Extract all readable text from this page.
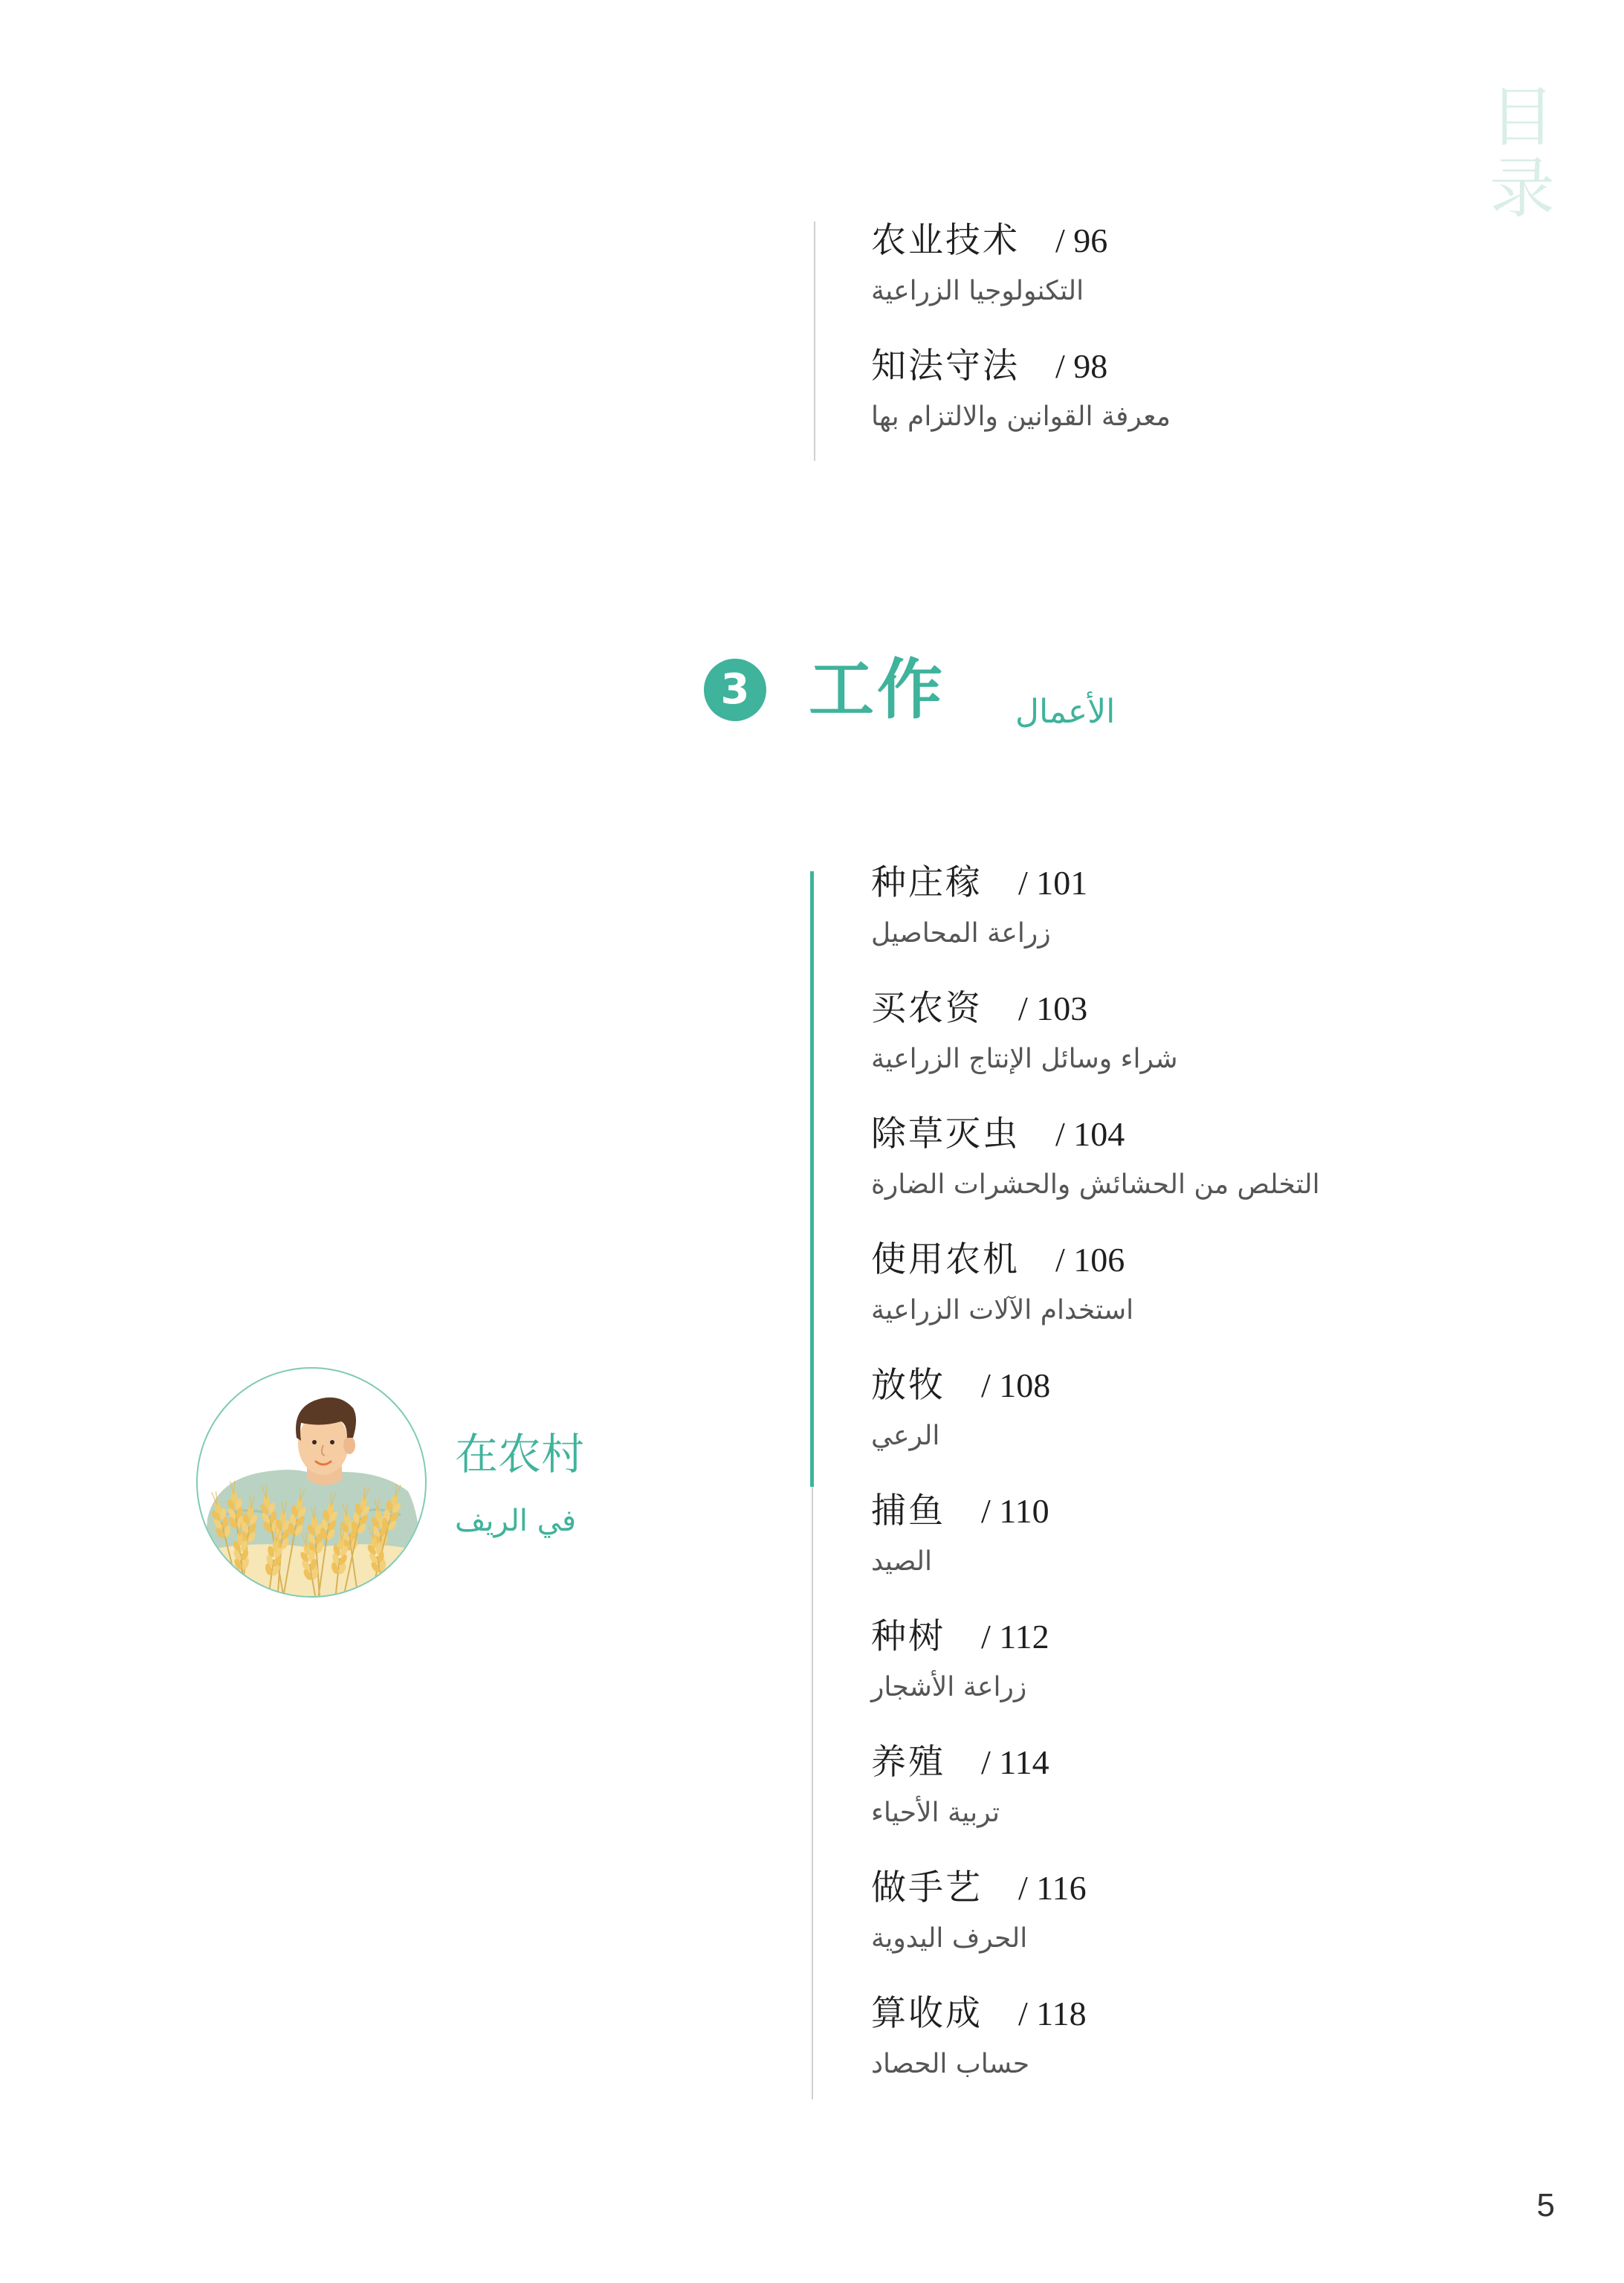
目录
农业技术 / 96
التكنولوجيا الزراعية
知法守法 / 98
معرفة القوانين والالتزام بها
3 工作 الأعمال
在农村
في الريف
种庄稼 / 101
زراعة المحاصيل
买农资 / 103
شراء وسائل الإنتاج الزراعية
除草灭虫 / 104
التخلص من الحشائش والحشرات الضارة
使用农机 / 106
استخدام الآلات الزراعية
放牧 / 108
الرعي
捕鱼 / 110
الصيد
种树 / 112
زراعة الأشجار
养殖 / 114
تربية الأحياء
做手艺 / 116
الحرف اليدوية
算收成 / 118
حساب الحصاد
5
